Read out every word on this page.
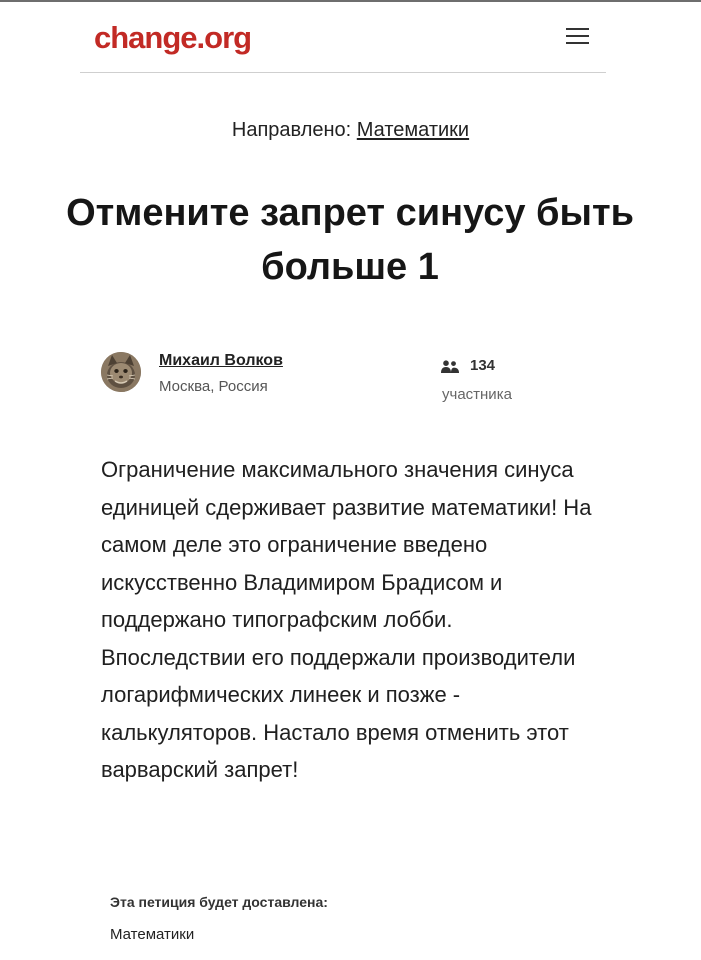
change.org
Направлено: Математики
Отмените запрет синусу быть больше 1
Михаил Волков
Москва, Россия
134
участника

Ограничение максимального значения синуса единицей сдерживает развитие математики! На самом деле это ограничение введено искусственно Владимиром Брадисом и поддержано типографским лобби. Впоследствии его поддержали производители логарифмических линеек и позже - калькуляторов. Настало время отменить этот варварский запрет!

Эта петиция будет доставлена:
Математики
